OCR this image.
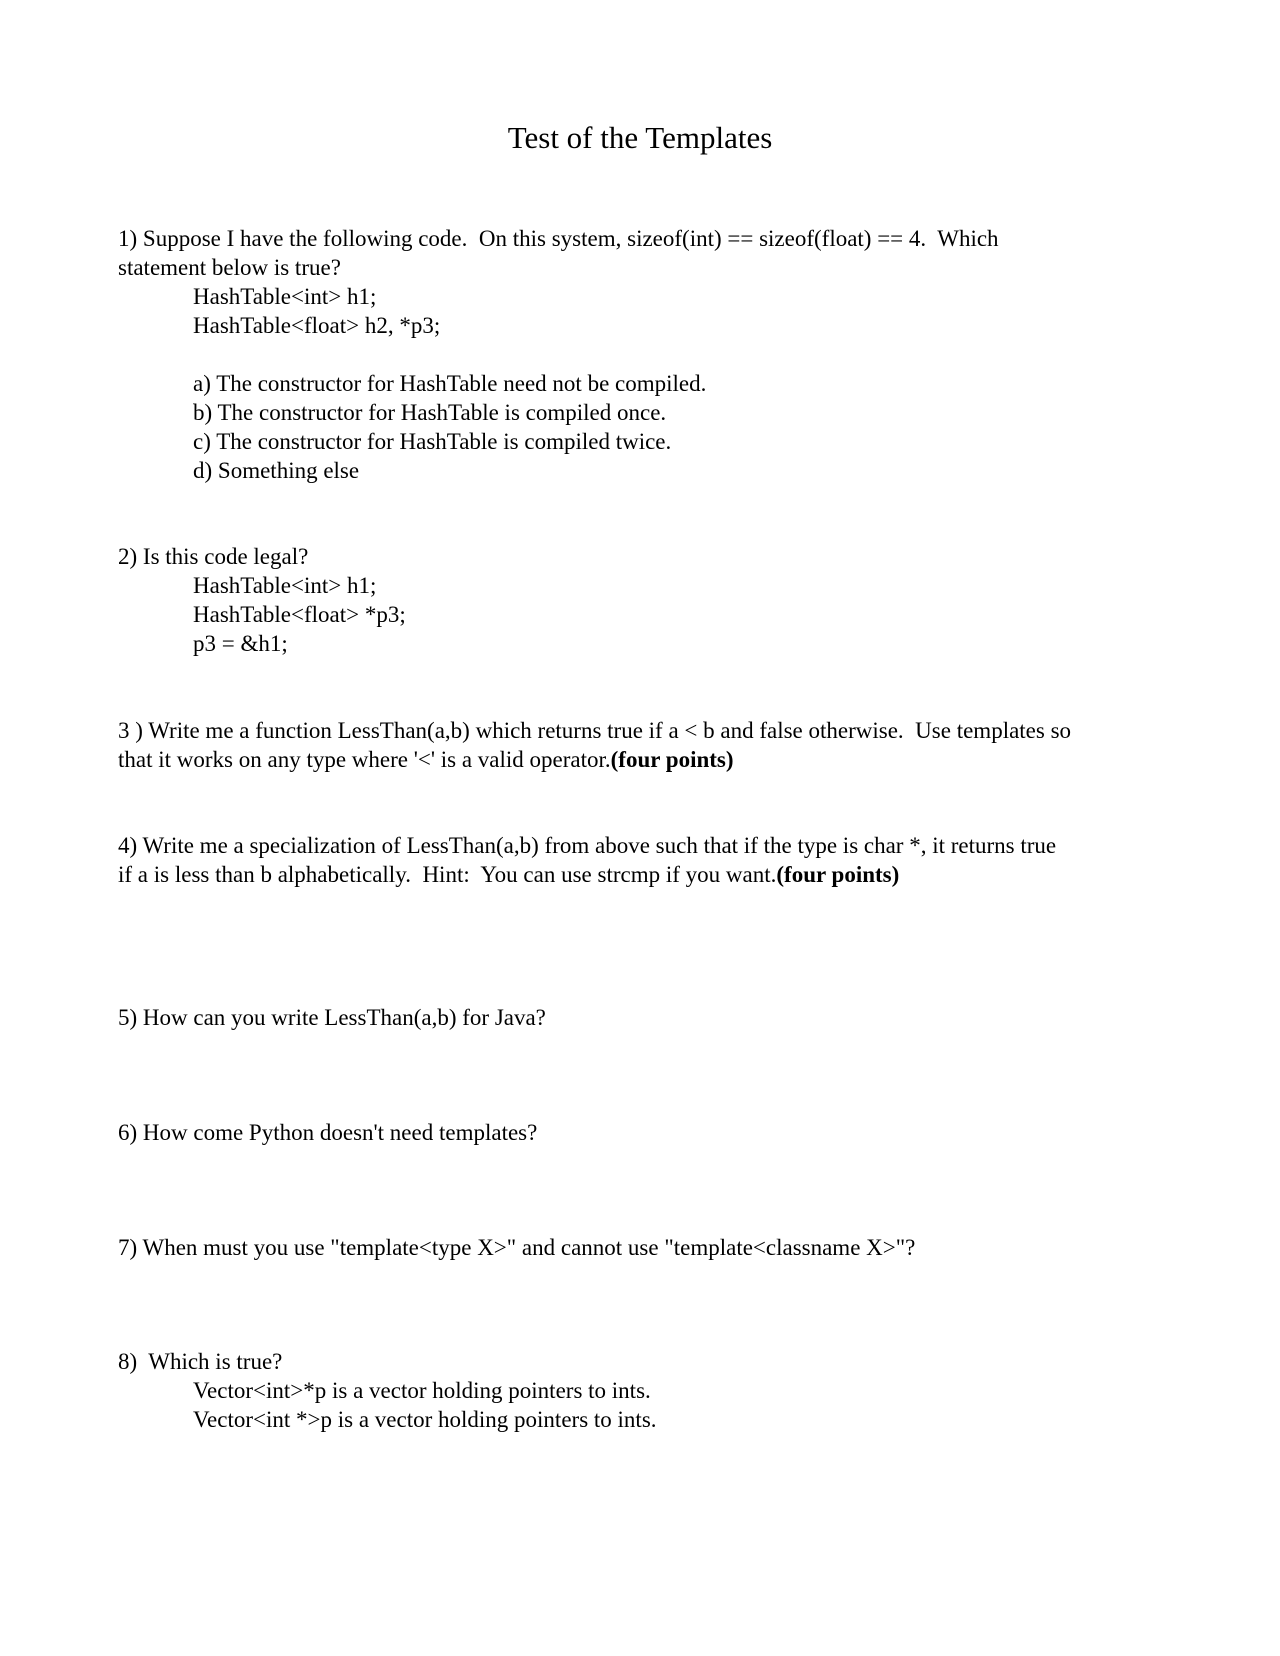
Test of the Templates
1) Suppose I have the following code.  On this system, sizeof(int) == sizeof(float) == 4.  Which
statement below is true?
HashTable<int> h1;
HashTable<float> h2, *p3;
a) The constructor for HashTable need not be compiled.
b) The constructor for HashTable is compiled once.
c) The constructor for HashTable is compiled twice.
d) Something else
2) Is this code legal?
HashTable<int> h1;
HashTable<float> *p3;
p3 = &h1;
3 ) Write me a function LessThan(a,b) which returns true if a < b and false otherwise.  Use templates so
that it works on any type where '<' is a valid operator.(four points)
4) Write me a specialization of LessThan(a,b) from above such that if the type is char *, it returns true
if a is less than b alphabetically.  Hint:  You can use strcmp if you want.(four points)
5) How can you write LessThan(a,b) for Java?
6) How come Python doesn't need templates?
7) When must you use "template<type X>" and cannot use "template<classname X>"?
8)  Which is true?
Vector<int>*p is a vector holding pointers to ints.
Vector<int *>p is a vector holding pointers to ints.
